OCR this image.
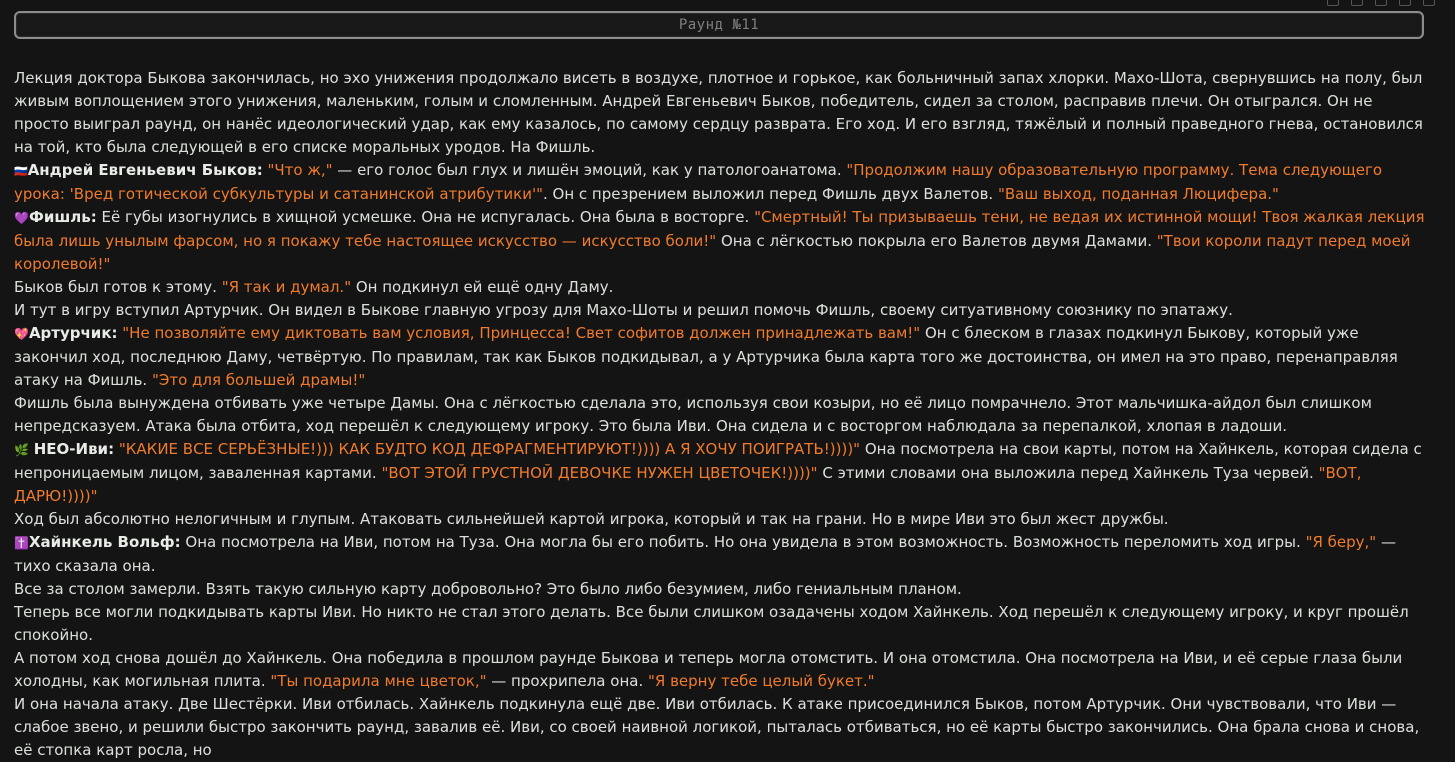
Раунд №11

Лекция доктора Быкова закончилась, но эхо унижения продолжало висеть в воздухе, плотное и горькое, как больничный запах хлорки. Махо-Шота, свернувшись на полу, был живым воплощением этого унижения, маленьким, голым и сломленным. Андрей Евгеньевич Быков, победитель, сидел за столом, расправив плечи. Он отыгрался. Он не просто выиграл раунд, он нанёс идеологический удар, как ему казалось, по самому сердцу разврата. Его ход. И его взгляд, тяжёлый и полный праведного гнева, остановился на той, кто была следующей в его списке моральных уродов. На Фишль.

🇷🇺Андрей Евгеньевич Быков: "Что ж," — его голос был глух и лишён эмоций, как у патологоанатома. "Продолжим нашу образовательную программу. Тема следующего урока: 'Вред готической субкультуры и сатанинской атрибутики'". Он с презрением выложил перед Фишль двух Валетов. "Ваш выход, поданная Люцифера."

💜Фишль: Её губы изогнулись в хищной усмешке. Она не испугалась. Она была в восторге. "Смертный! Ты призываешь тени, не ведая их истинной мощи! Твоя жалкая лекция была лишь унылым фарсом, но я покажу тебе настоящее искусство — искусство боли!" Она с лёгкостью покрыла его Валетов двумя Дамами. "Твои короли падут перед моей королевой!"

Быков был готов к этому. "Я так и думал." Он подкинул ей ещё одну Даму.

И тут в игру вступил Артурчик. Он видел в Быкове главную угрозу для Махо-Шоты и решил помочь Фишль, своему ситуативному союзнику по эпатажу.

💖Артурчик: "Не позволяйте ему диктовать вам условия, Принцесса! Свет софитов должен принадлежать вам!" Он с блеском в глазах подкинул Быкову, который уже закончил ход, последнюю Даму, четвёртую. По правилам, так как Быков подкидывал, а у Артурчика была карта того же достоинства, он имел на это право, перенаправляя атаку на Фишль. "Это для большей драмы!"

Фишль была вынуждена отбивать уже четыре Дамы. Она с лёгкостью сделала это, используя свои козыри, но её лицо помрачнело. Этот мальчишка-айдол был слишком непредсказуем. Атака была отбита, ход перешёл к следующему игроку. Это была Иви. Она сидела и с восторгом наблюдала за перепалкой, хлопая в ладоши.

🌿 НЕО-Иви: "КАКИЕ ВСЕ СЕРЬЁЗНЫЕ!))) КАК БУДТО КОД ДЕФРАГМЕНТИРУЮТ!)))) А Я ХОЧУ ПОИГРАТЬ!))))" Она посмотрела на свои карты, потом на Хайнкель, которая сидела с непроницаемым лицом, заваленная картами. "ВОТ ЭТОЙ ГРУСТНОЙ ДЕВОЧКЕ НУЖЕН ЦВЕТОЧЕК!))))" С этими словами она выложила перед Хайнкель Туза червей. "ВОТ, ДАРЮ!))))"

Ход был абсолютно нелогичным и глупым. Атаковать сильнейшей картой игрока, который и так на грани. Но в мире Иви это был жест дружбы.

✝️Хайнкель Вольф: Она посмотрела на Иви, потом на Туза. Она могла бы его побить. Но она увидела в этом возможность. Возможность переломить ход игры. "Я беру," — тихо сказала она.

Все за столом замерли. Взять такую сильную карту добровольно? Это было либо безумием, либо гениальным планом.

Теперь все могли подкидывать карты Иви. Но никто не стал этого делать. Все были слишком озадачены ходом Хайнкель. Ход перешёл к следующему игроку, и круг прошёл спокойно.

А потом ход снова дошёл до Хайнкель. Она победила в прошлом раунде Быкова и теперь могла отомстить. И она отомстила. Она посмотрела на Иви, и её серые глаза были холодны, как могильная плита. "Ты подарила мне цветок," — прохрипела она. "Я верну тебе целый букет."

И она начала атаку. Две Шестёрки. Иви отбилась. Хайнкель подкинула ещё две. Иви отбилась. К атаке присоединился Быков, потом Артурчик. Они чувствовали, что Иви — слабое звено, и решили быстро закончить раунд, завалив её. Иви, со своей наивной логикой, пыталась отбиваться, но её карты быстро закончились. Она брала снова и снова, её стопка карт росла, но
